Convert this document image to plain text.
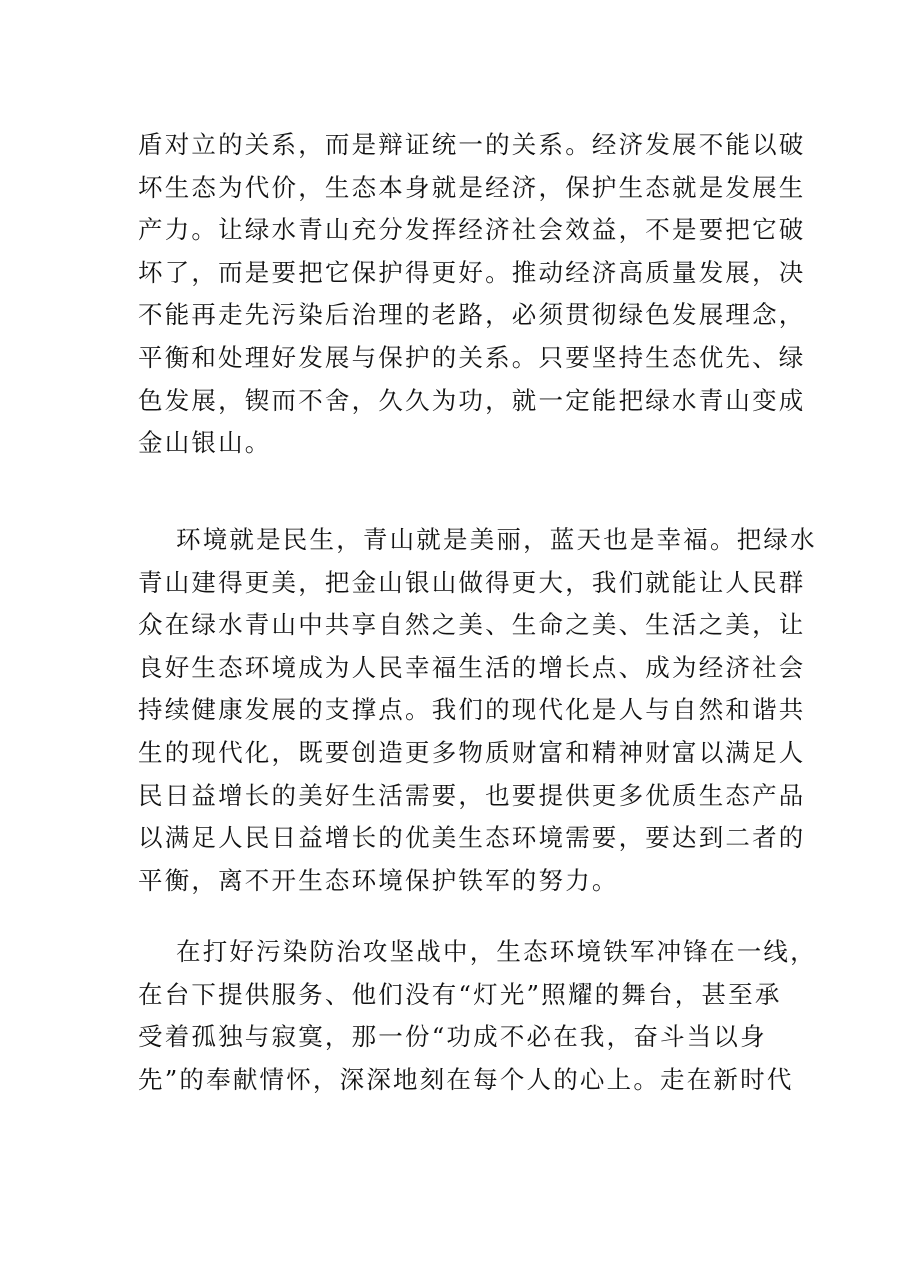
盾对立的关系，而是辩证统一的关系。经济发展不能以破
坏生态为代价，生态本身就是经济，保护生态就是发展生
产力。让绿水青山充分发挥经济社会效益，不是要把它破
坏了，而是要把它保护得更好。推动经济高质量发展，决
不能再走先污染后治理的老路，必须贯彻绿色发展理念，
平衡和处理好发展与保护的关系。只要坚持生态优先、绿
色发展，锲而不舍，久久为功，就一定能把绿水青山变成
金山银山。
环境就是民生，青山就是美丽，蓝天也是幸福。把绿水
青山建得更美，把金山银山做得更大，我们就能让人民群
众在绿水青山中共享自然之美、生命之美、生活之美，让
良好生态环境成为人民幸福生活的增长点、成为经济社会
持续健康发展的支撑点。我们的现代化是人与自然和谐共
生的现代化，既要创造更多物质财富和精神财富以满足人
民日益增长的美好生活需要，也要提供更多优质生态产品
以满足人民日益增长的优美生态环境需要，要达到二者的
平衡，离不开生态环境保护铁军的努力。
在打好污染防治攻坚战中，生态环境铁军冲锋在一线，
在台下提供服务、他们没有“灯光”照耀的舞台，甚至承
受着孤独与寂寞，那一份“功成不必在我，奋斗当以身
先”的奉献情怀，深深地刻在每个人的心上。走在新时代
